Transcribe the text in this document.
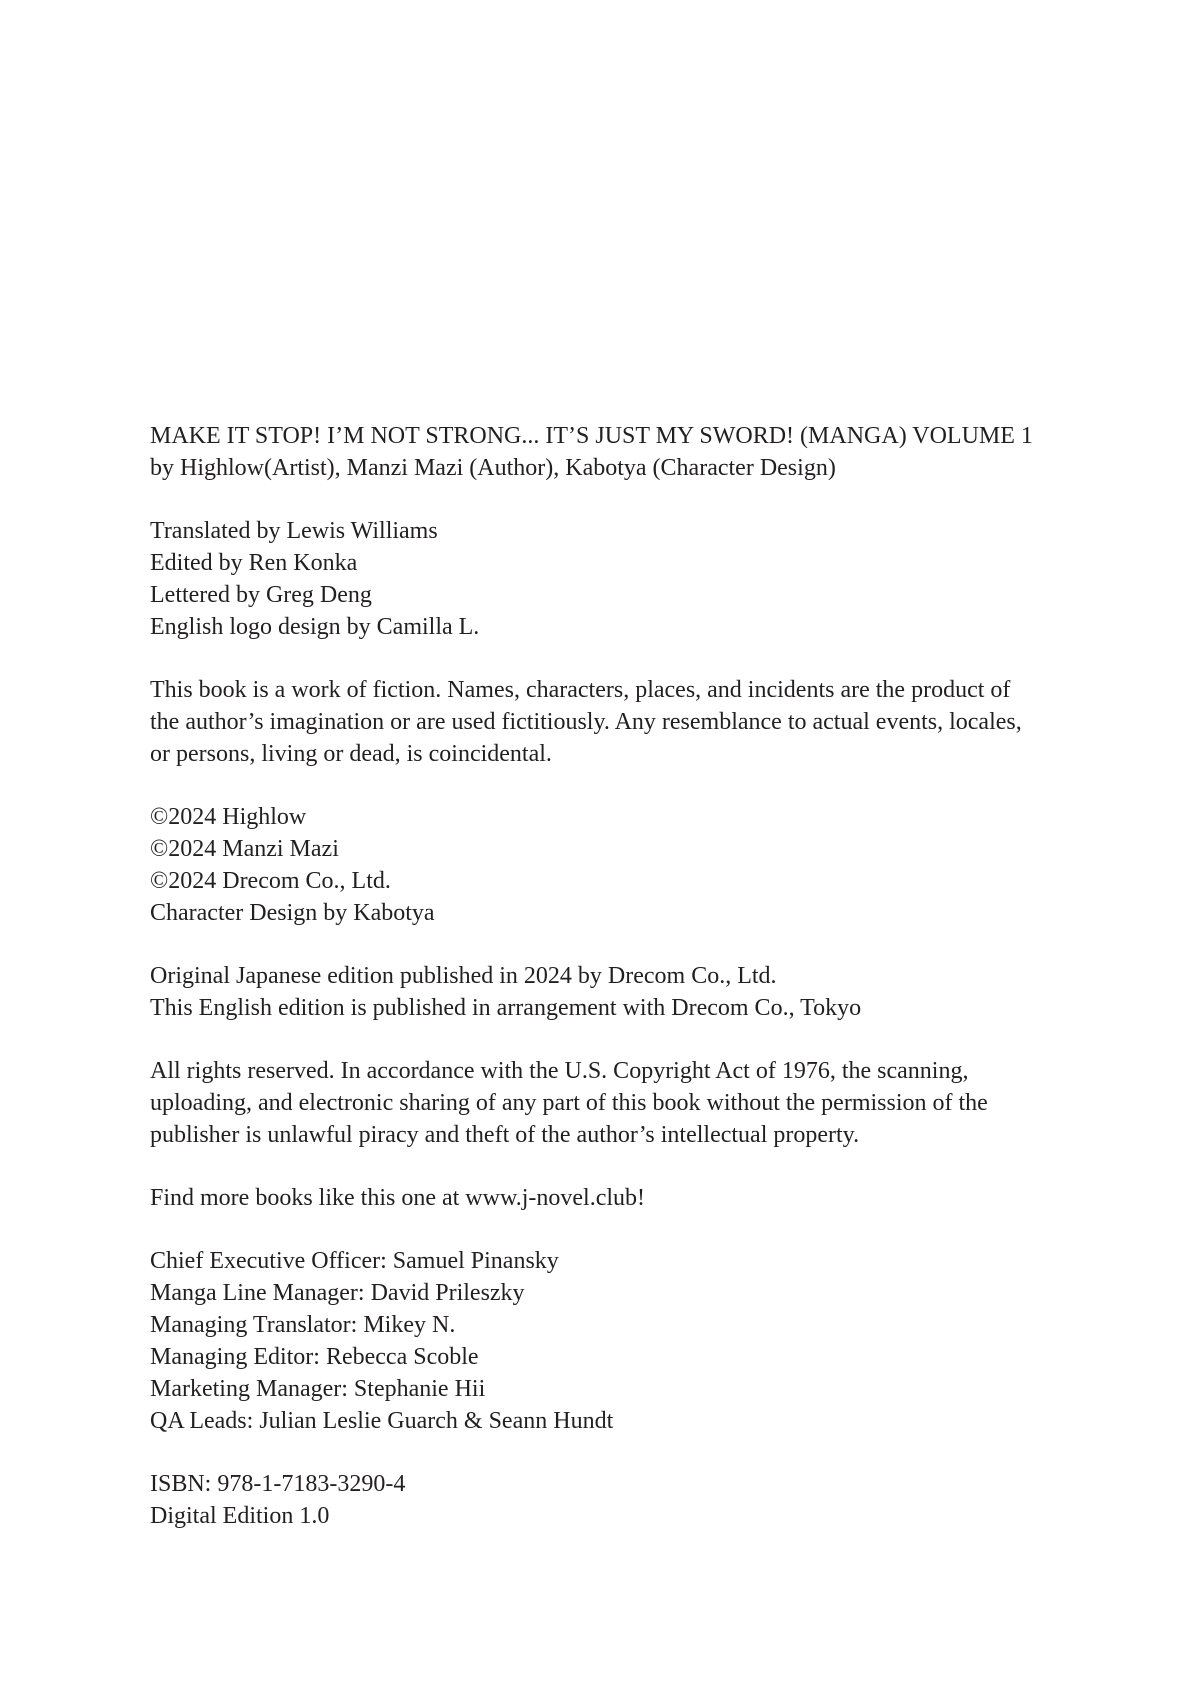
MAKE IT STOP! I’M NOT STRONG... IT’S JUST MY SWORD! (MANGA) VOLUME 1
by Highlow(Artist), Manzi Mazi (Author), Kabotya (Character Design)
Translated by Lewis Williams
Edited by Ren Konka
Lettered by Greg Deng
English logo design by Camilla L.
This book is a work of fiction. Names, characters, places, and incidents are the product of
the author’s imagination or are used fictitiously. Any resemblance to actual events, locales,
or persons, living or dead, is coincidental.
©2024 Highlow
©2024 Manzi Mazi
©2024 Drecom Co., Ltd.
Character Design by Kabotya
Original Japanese edition published in 2024 by Drecom Co., Ltd.
This English edition is published in arrangement with Drecom Co., Tokyo
All rights reserved. In accordance with the U.S. Copyright Act of 1976, the scanning,
uploading, and electronic sharing of any part of this book without the permission of the
publisher is unlawful piracy and theft of the author’s intellectual property.
Find more books like this one at www.j-novel.club!
Chief Executive Officer: Samuel Pinansky
Manga Line Manager: David Prileszky
Managing Translator: Mikey N.
Managing Editor: Rebecca Scoble
Marketing Manager: Stephanie Hii
QA Leads: Julian Leslie Guarch & Seann Hundt
ISBN: 978-1-7183-3290-4
Digital Edition 1.0
